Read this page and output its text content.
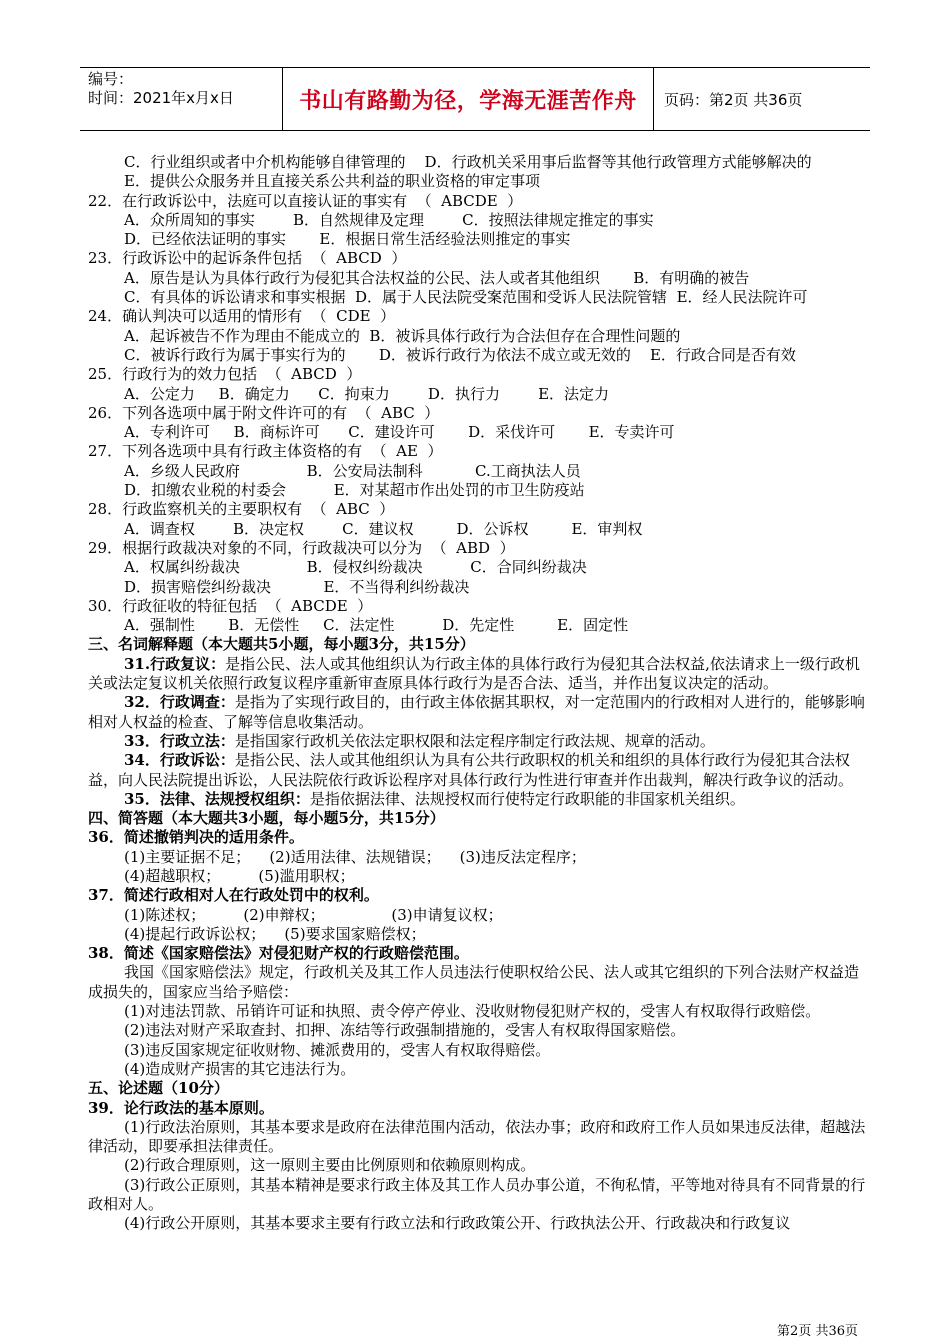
编号：
时间：2021年x月x日	书山有路勤为径，学海无涯苦作舟	页码：第2页 共36页
C．行业组织或者中介机构能够自律管理的    D．行政机关采用事后监督等其他行政管理方式能够解决的
E．提供公众服务并且直接关系公共利益的职业资格的审定事项
22．在行政诉讼中，法庭可以直接认证的事实有  （  ABCDE  ）
A．众所周知的事实        B．自然规律及定理        C．按照法律规定推定的事实
D．已经依法证明的事实       E．根据日常生活经验法则推定的事实
23．行政诉讼中的起诉条件包括  （  ABCD  ）
A．原告是认为具体行政行为侵犯其合法权益的公民、法人或者其他组织       B．有明确的被告
C．有具体的诉讼请求和事实根据  D．属于人民法院受案范围和受诉人民法院管辖  E．经人民法院许可
24．确认判决可以适用的情形有  （  CDE  ）
A．起诉被告不作为理由不能成立的  B．被诉具体行政行为合法但存在合理性问题的
C．被诉行政行为属于事实行为的       D．被诉行政行为依法不成立或无效的    E．行政合同是否有效
25．行政行为的效力包括  （  ABCD  ）
A．公定力     B．确定力      C．拘束力        D．执行力        E．法定力
26．下列各选项中属于附文件许可的有  （  ABC  ）
A．专利许可     B．商标许可      C．建设许可       D．采伐许可       E．专卖许可
27．下列各选项中具有行政主体资格的有  （  AE  ）
A．乡级人民政府              B．公安局法制科           C.工商执法人员
D．扣缴农业税的村委会          E．对某超市作出处罚的市卫生防疫站
28．行政监察机关的主要职权有  （  ABC  ）
A．调查权        B．决定权        C．建议权         D．公诉权         E．审判权
29．根据行政裁决对象的不同，行政裁决可以分为  （  ABD  ）
A．权属纠纷裁决              B．侵权纠纷裁决          C．合同纠纷裁决
D．损害赔偿纠纷裁决           E．不当得利纠纷裁决
30．行政征收的特征包括  （  ABCDE  ）
A．强制性       B．无偿性     C．法定性          D．先定性         E．固定性
三、名词解释题（本大题共5小题，每小题3分，共15分）
31.行政复议：是指公民、法人或其他组织认为行政主体的具体行政行为侵犯其合法权益,依法请求上一级行政机关或法定复议机关依照行政复议程序重新审查原具体行政行为是否合法、适当，并作出复议决定的活动。
32．行政调查：是指为了实现行政目的，由行政主体依据其职权，对一定范围内的行政相对人进行的，能够影响相对人权益的检查、了解等信息收集活动。
33．行政立法：是指国家行政机关依法定职权限和法定程序制定行政法规、规章的活动。
34．行政诉讼：是指公民、法人或其他组织认为具有公共行政职权的机关和组织的具体行政行为侵犯其合法权益，向人民法院提出诉讼，人民法院依行政诉讼程序对具体行政行为性进行审查并作出裁判，解决行政争议的活动。
35．法律、法规授权组织：是指依据法律、法规授权而行使特定行政职能的非国家机关组织。
四、简答题（本大题共3小题，每小题5分，共15分）
36．简述撤销判决的适用条件。
(1)主要证据不足；    (2)适用法律、法规错误；    (3)违反法定程序；
(4)超越职权；        (5)滥用职权；
37．简述行政相对人在行政处罚中的权利。
(1)陈述权；        (2)申辩权；              (3)申请复议权；
(4)提起行政诉讼权；    (5)要求国家赔偿权；
38．简述《国家赔偿法》对侵犯财产权的行政赔偿范围。
我国《国家赔偿法》规定，行政机关及其工作人员违法行使职权给公民、法人或其它组织的下列合法财产权益造成损失的，国家应当给予赔偿：
(1)对违法罚款、吊销许可证和执照、责令停产停业、没收财物侵犯财产权的，受害人有权取得行政赔偿。
(2)违法对财产采取查封、扣押、冻结等行政强制措施的，受害人有权取得国家赔偿。
(3)违反国家规定征收财物、摊派费用的，受害人有权取得赔偿。
(4)造成财产损害的其它违法行为。
五、论述题（10分）
39．论行政法的基本原则。
(1)行政法治原则，其基本要求是政府在法律范围内活动，依法办事；政府和政府工作人员如果违反法律，超越法律活动，即要承担法律责任。
(2)行政合理原则，这一原则主要由比例原则和依赖原则构成。
(3)行政公正原则，其基本精神是要求行政主体及其工作人员办事公道，不徇私情，平等地对待具有不同背景的行政相对人。
(4)行政公开原则，其基本要求主要有行政立法和行政政策公开、行政执法公开、行政裁决和行政复议
第2页 共36页
